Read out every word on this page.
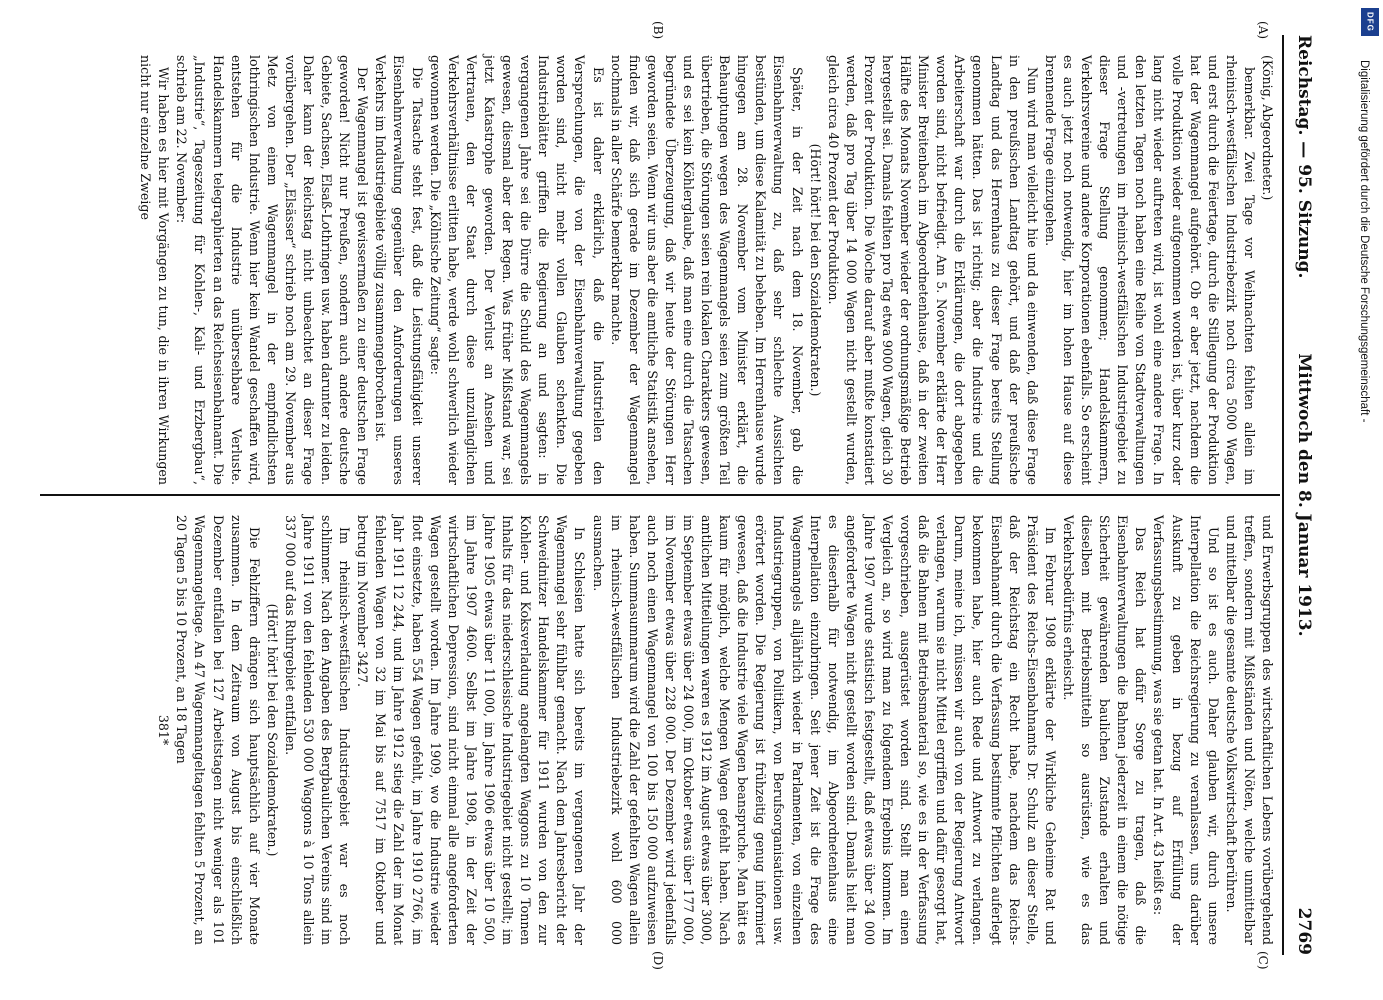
Reichstag. — 95. Sitzung.
Mittwoch den 8. Januar 1913.
2769
(A)
(B)
(C)
(D)

(König, Abgeordneter.)

bemerkbar. Zwei Tage vor Weihnachten fehlten allein im rheinisch-westfälischen Industriebezirk noch circa 5000 Wagen, und erst durch die Feiertage, durch die Stillegung der Produktion hat der Wagenmangel aufgehört. Ob er aber jetzt, nachdem die volle Produktion wieder aufgenommen worden ist, über kurz oder lang nicht wieder auftreten wird, ist wohl eine andere Frage. In den letzten Tagen noch haben eine Reihe von Stadtverwaltungen und -vertretungen im rheinisch-westfälischen Industriegebiet zu dieser Frage Stellung genommen; Handelskammern, Verkehrsvereine und andere Korporationen ebenfalls. So erscheint es auch jetzt noch notwendig, hier im hohen Hause auf diese brennende Frage einzugehen.

Nun wird man vielleicht hie und da einwenden, daß diese Frage in den preußischen Landtag gehört, und daß der preußische Landtag und das Herrenhaus zu dieser Frage bereits Stellung genommen hätten. Das ist richtig; aber die Industrie und die Arbeiterschaft war durch die Erklärungen, die dort abgegeben worden sind, nicht befriedigt. Am 5. November erklärte der Herr Minister Breitenbach im Abgeordnetenhause, daß in der zweiten Hälfte des Monats November wieder der ordnungsmäßige Betrieb hergestellt sei. Damals fehlten pro Tag etwa 9000 Wagen, gleich 30 Prozent der Produktion. Die Woche darauf aber mußte konstatiert werden, daß pro Tag über 14 000 Wagen nicht gestellt wurden, gleich circa 40 Prozent der Produktion.

(Hört! hört! bei den Sozialdemokraten.)

Später, in der Zeit nach dem 18. November, gab die Eisenbahnverwaltung zu, daß sehr schlechte Aussichten bestünden, um diese Kalamität zu beheben. Im Herrenhause wurde hingegen am 28. November vom Minister erklärt, die Behauptungen wegen des Wagenmangels seien zum größten Teil übertrieben, die Störungen seien rein lokalen Charakters gewesen, und es sei kein Köhlerglaube, daß man eine durch die Tatsachen begründete Überzeugung, daß wir heute der Störungen Herr geworden seien. Wenn wir uns aber die amtliche Statistik ansehen, finden wir, daß sich gerade im Dezember der Wagenmangel nochmals in aller Schärfe bemerkbar machte.

Es ist daher erklärlich, daß die Industriellen den Versprechungen, die von der Eisenbahnverwaltung gegeben worden sind, nicht mehr vollen Glauben schenkten. Die Industrieblätter griffen die Regierung an und sagten: in vergangenen Jahre sei die Dürre die Schuld des Wagenmangels gewesen, diesmal aber der Regen. Was früher Mißstand war, sei jetzt Katastrophe geworden. Der Verlust an Ansehen und Vertrauen, den der Staat durch diese unzulänglichen Verkehrsverhältnisse erlitten habe, werde wohl schwerlich wieder gewonnen werden. Die „Kölnische Zeitung“ sagte:

Die Tatsache steht fest, daß die Leistungsfähigkeit unserer Eisenbahnverwaltung gegenüber den Anforderungen unseres Verkehrs im Industriegebiete völlig zusammengebrochen ist.

Der Wagenmangel ist gewissermaßen zu einer deutschen Frage geworden! Nicht nur Preußen, sondern auch andere deutsche Gebiete, Sachsen, Elsaß-Lothringen usw. haben darunter zu leiden. Daher kann der Reichstag nicht unbeachtet an dieser Frage vorübergehen. Der „Elsässer“ schrieb noch am 29. November aus Metz von einem Wagenmangel in der empfindlichsten lothringischen Industrie. Wenn hier kein Wandel geschaffen wird, entstehen für die Industrie unübersehbare Verluste. Handelskammern telegraphierten an das Reichseisenbahnamt. Die „Industrie“, Tageszeitung für Kohlen-, Kali- und Erzbergbau“, schrieb am 22. November:

Wir haben es hier mit Vorgängen zu tun, die in ihren Wirkungen nicht nur einzelne Zweige

und Erwerbsgruppen des wirtschaftlichen Lebens vorübergehend treffen, sondern mit Mißständen und Nöten, welche unmittelbar und mittelbar die gesamte deutsche Volkswirtschaft berühren.

Und so ist es auch. Daher glauben wir, durch unsere Interpellation die Reichsregierung zu veranlassen, uns darüber Auskunft zu geben in bezug auf Erfüllung der Verfassungsbestimmung, was sie getan hat. In Art. 43 heißt es:

Das Reich hat dafür Sorge zu tragen, daß die Eisenbahnverwaltungen die Bahnen jederzeit in einem die nötige Sicherheit gewährenden baulichen Zustande erhalten und dieselben mit Betriebsmitteln so ausrüsten, wie es das Verkehrsbedürfnis erheischt.

Im Februar 1908 erklärte der Wirkliche Geheime Rat und Präsident des Reichs-Eisenbahnamts Dr. Schulz an dieser Stelle, daß der Reichstag ein Recht habe, nachdem das Reichs-Eisenbahnamt durch die Verfassung bestimmte Pflichten auferlegt bekommen habe, hier auch Rede und Antwort zu verlangen. Darum, meine ich, müssen wir auch von der Regierung Antwort verlangen, warum sie nicht Mittel ergriffen und dafür gesorgt hat, daß die Bahnen mit Betriebsmaterial so, wie es in der Verfassung vorgeschrieben, ausgerüstet worden sind. Stellt man einen Vergleich an, so wird man zu folgendem Ergebnis kommen. Im Jahre 1907 wurde statistisch festgestellt, daß etwas über 34 000 angeforderte Wagen nicht gestellt worden sind. Damals hielt man es dieserhalb für notwendig, im Abgeordnetenhaus eine Interpellation einzubringen. Seit jener Zeit ist die Frage des Wagenmangels alljährlich wieder in Parlamenten, von einzelnen Industriegruppen, von Politikern, von Berufsorganisationen usw. erörtert worden. Die Regierung ist frühzeitig genug informiert gewesen, daß die Industrie viele Wagen beanspruche. Man hätt es kaum für möglich, welche Mengen Wagen gefehlt haben. Nach amtlichen Mitteilungen waren es 1912 im August etwas über 3000, im September etwas über 24 000, im Oktober etwas über 177 000, im November etwas über 228 000. Der Dezember wird jedenfalls auch noch einen Wagenmangel von 100 bis 150 000 aufzuweisen haben. Summasummarum wird die Zahl der gefehlten Wagen allein im rheinisch-westfälischen Industriebezirk wohl 600 000 ausmachen.

In Schlesien hatte sich bereits im vergangenen Jahr der Wagenmangel sehr fühlbar gemacht. Nach dem Jahresbericht der Schweidnitzer Handelskammer für 1911 wurden von den zur Kohlen- und Koksverladung angelangten Waggons zu 10 Tonnen Inhalts für das niederschlesische Industriegebiet nicht gestellt; im Jahre 1905 etwas über 11 000, im Jahre 1906 etwas über 10 500, im Jahre 1907 4600. Selbst im Jahre 1908, in der Zeit der wirtschaftlichen Depression, sind nicht einmal alle angeforderten Wagen gestellt worden. Im Jahre 1909, wo die Industrie wieder flott einsetzte, haben 554 Wagen gefehlt, im Jahre 1910 2766, im Jahr 1911 12 244, und im Jahre 1912 stieg die Zahl der im Monat fehlenden Wagen von 32 im Mai bis auf 7517 im Oktober und betrug im November 3427.

Im rheinisch-westfälischen Industriegebiet war es noch schlimmer. Nach den Angaben des Bergbaulichen Vereins sind im Jahre 1911 von den fehlenden 530 000 Waggons à 10 Tons allein 337 000 auf das Ruhrgebiet entfallen.

(Hört! hört! bei den Sozialdemokraten.)

Die Fehlziffern drängen sich hauptsächlich auf vier Monate zusammen. In dem Zeitraum von August bis einschließlich Dezember entfallen bei 127 Arbeitstagen nicht weniger als 101 Wagenmangeltage. An 47 Wagenmangeltagen fehlten 5 Prozent, an 20 Tagen 5 bis 10 Prozent, an 18 Tagen

381*

DFG
Digitalisierung gefördert durch die Deutsche Forschungsgemeinschaft -
